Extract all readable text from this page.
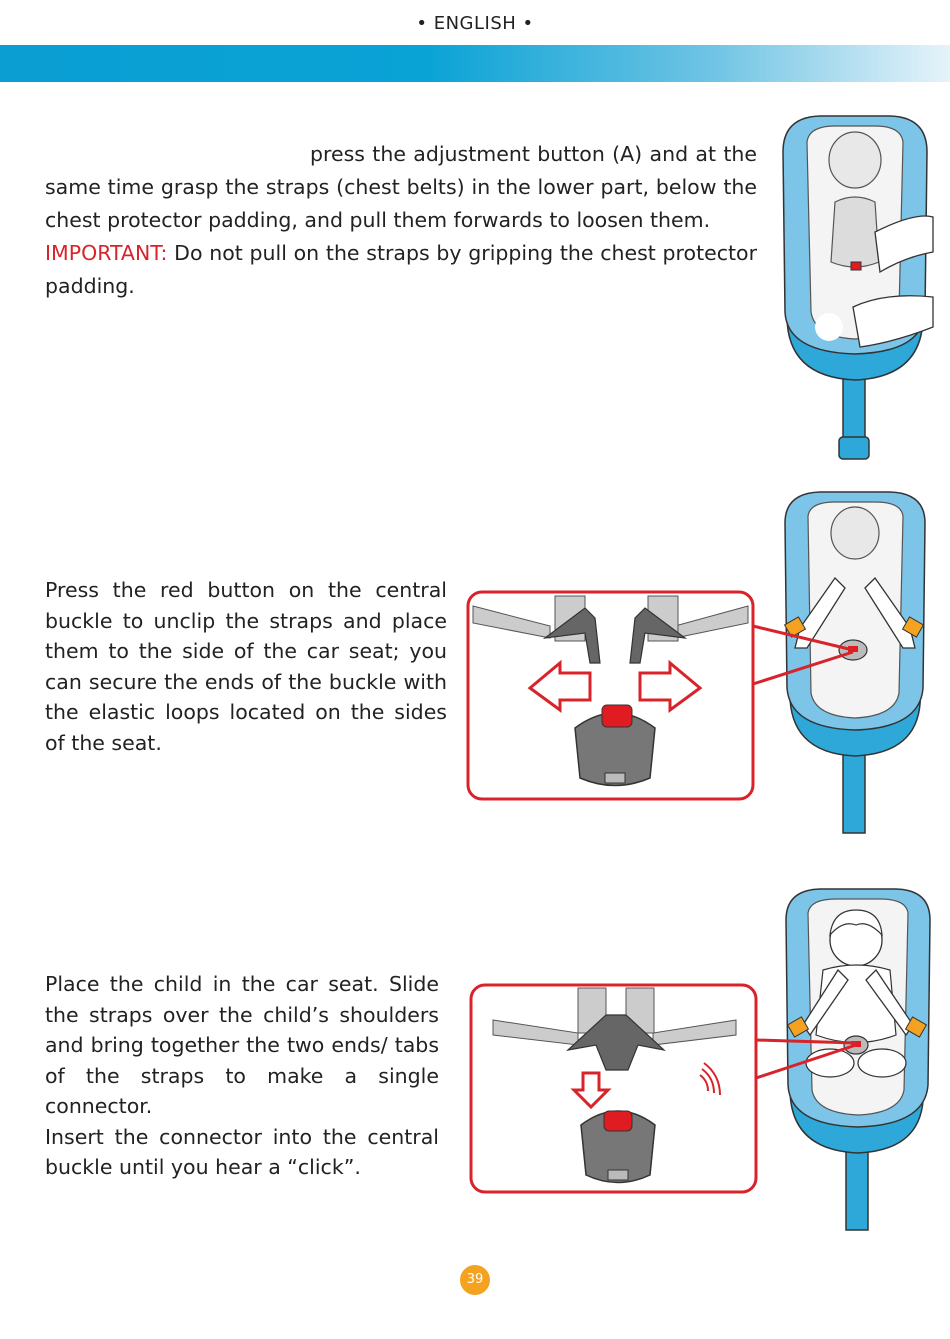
• ENGLISH •

press the adjustment button (A) and at the same time grasp the straps (chest belts) in the lower part, below the chest protector padding, and pull them forwards to loosen them.

IMPORTANT: Do not pull on the straps by gripping the chest protector padding.

Press the red button on the central buckle to unclip the straps and place them to the side of the car seat; you can secure the ends of the buckle with the elastic loops located on the sides of the seat.

Place the child in the car seat. Slide the straps over the child’s shoulders and bring together the two ends/ tabs of the straps to make a single connector.

Insert the connector into the central buckle until you hear a “click”.

39
